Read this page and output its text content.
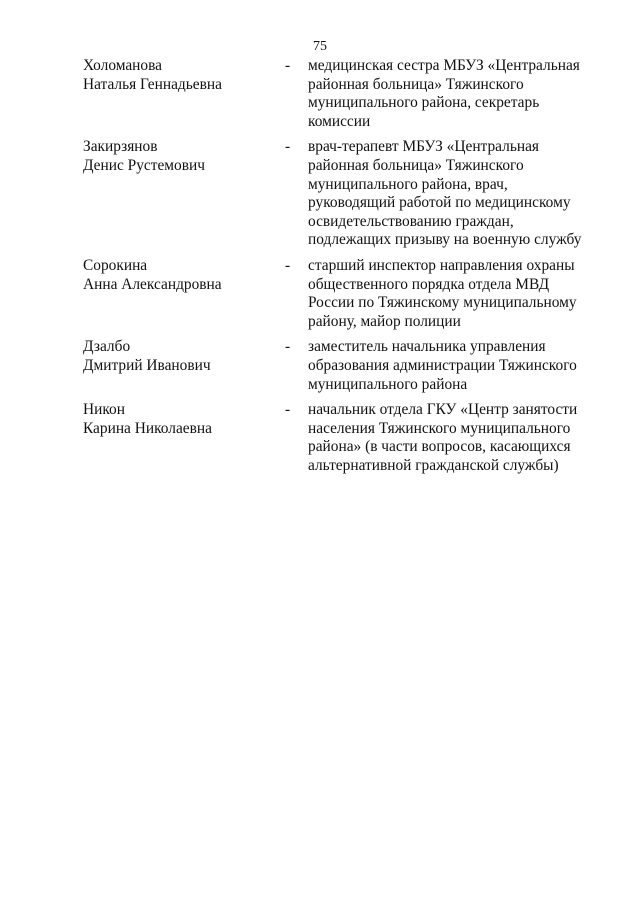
75
Холоманова
Наталья Геннадьевна
-	медицинская сестра МБУЗ «Центральная
районная больница» Тяжинского
муниципального района, секретарь
комиссии
Закирзянов
Денис Рустемович
-	врач-терапевт МБУЗ «Центральная
районная больница» Тяжинского
муниципального района, врач,
руководящий работой по медицинскому
освидетельствованию граждан,
подлежащих призыву на военную службу
Сорокина
Анна Александровна
-	старший инспектор направления охраны
общественного порядка отдела МВД
России по Тяжинскому муниципальному
району, майор полиции
Дзалбо
Дмитрий Иванович
-	заместитель начальника управления
образования администрации Тяжинского
муниципального района
Никон
Карина Николаевна
-	начальник отдела ГКУ «Центр занятости
населения Тяжинского муниципального
района» (в части вопросов, касающихся
альтернативной гражданской службы)
